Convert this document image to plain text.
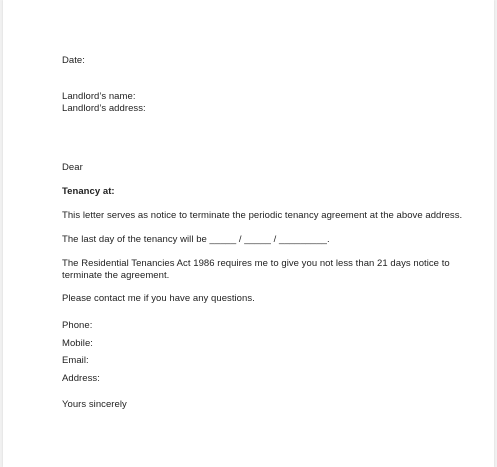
Date:
Landlord’s name:
Landlord’s address:
Dear
Tenancy at:
This letter serves as notice to terminate the periodic tenancy agreement at the above address.
The last day of the tenancy will be _____ / _____ / _________.
The Residential Tenancies Act 1986 requires me to give you not less than 21 days notice to
terminate the agreement.
Please contact me if you have any questions.
Phone:
Mobile:
Email:
Address:
Yours sincerely
